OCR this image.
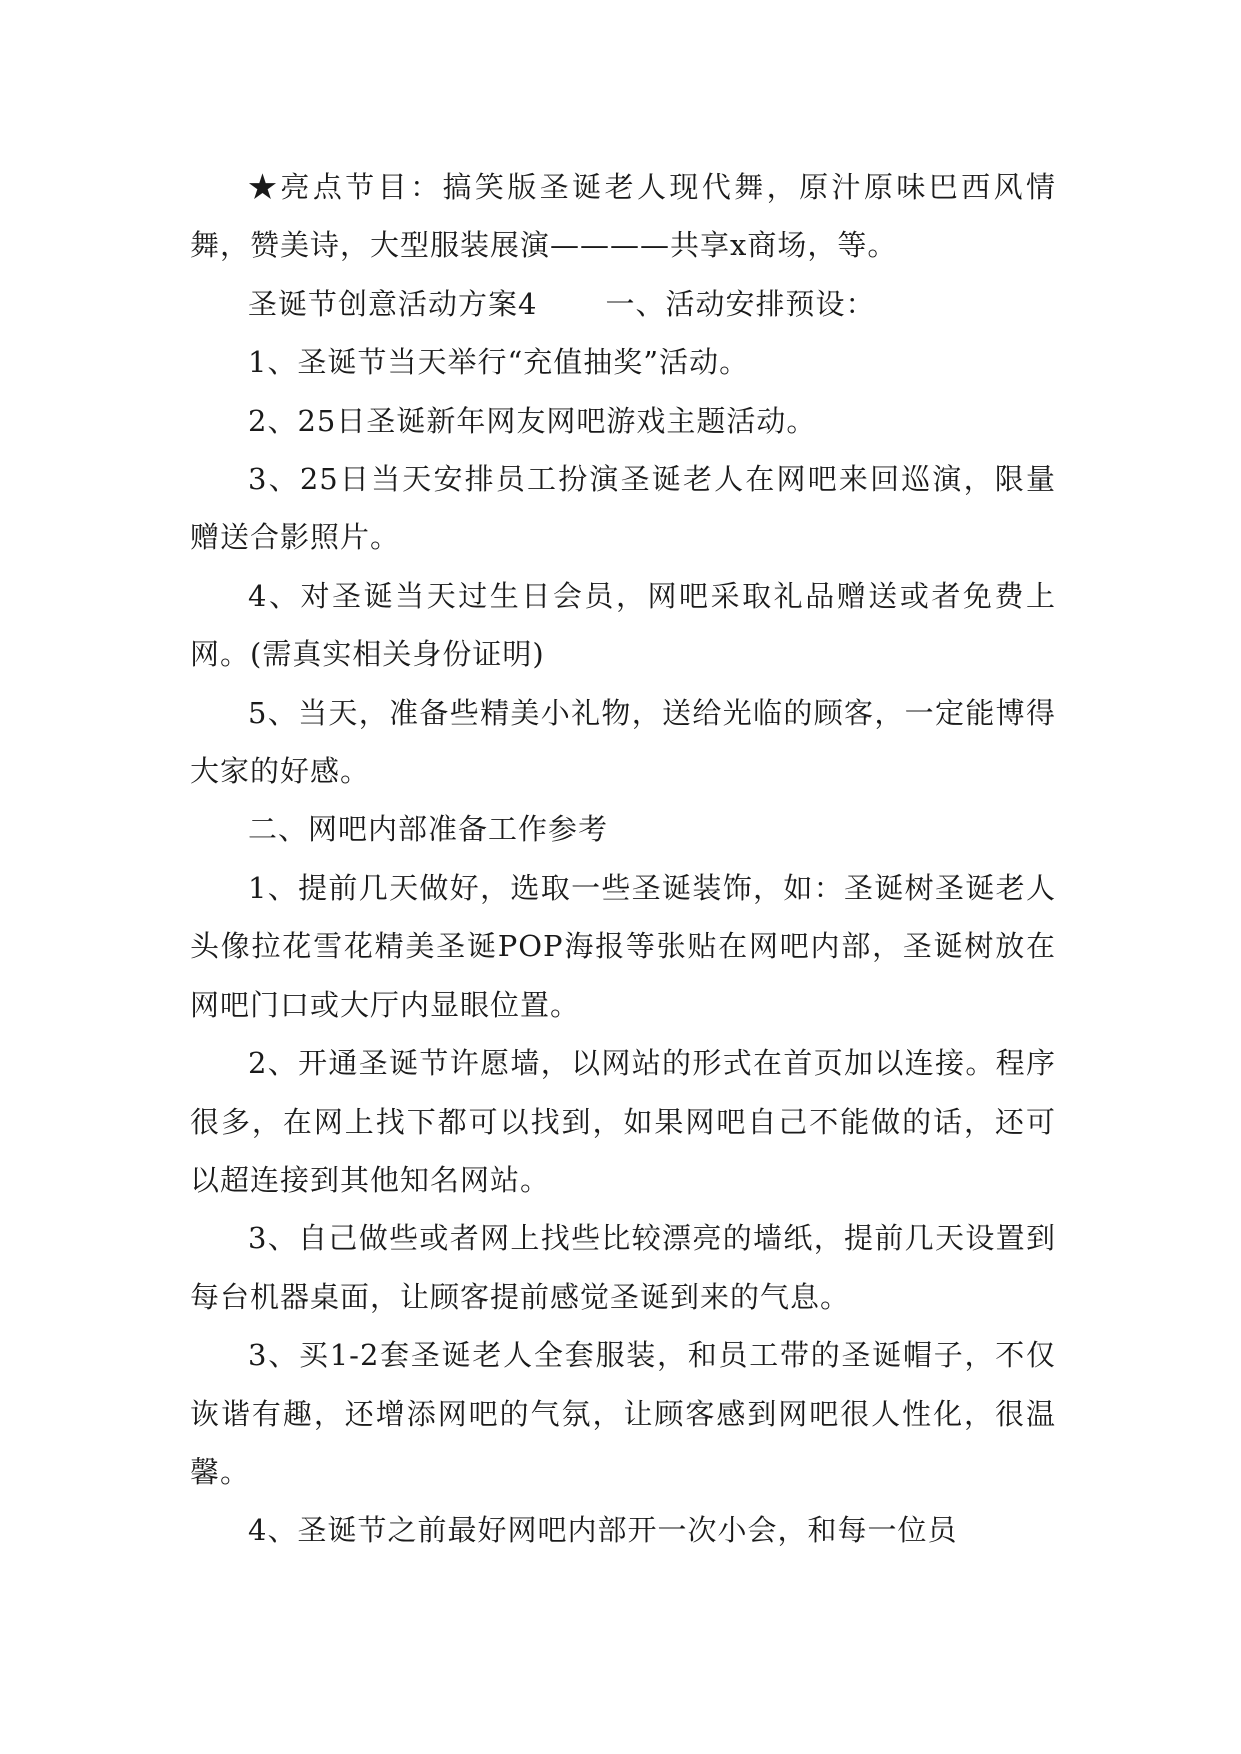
★亮点节目：搞笑版圣诞老人现代舞，原汁原味巴西风情舞，赞美诗，大型服装展演————共享x商场，等。

圣诞节创意活动方案4 一、活动安排预设：

1、圣诞节当天举行“充值抽奖”活动。

2、25日圣诞新年网友网吧游戏主题活动。

3、25日当天安排员工扮演圣诞老人在网吧来回巡演，限量赠送合影照片。

4、对圣诞当天过生日会员，网吧采取礼品赠送或者免费上网。(需真实相关身份证明)

5、当天，准备些精美小礼物，送给光临的顾客，一定能博得大家的好感。

二、网吧内部准备工作参考

1、提前几天做好，选取一些圣诞装饰，如：圣诞树圣诞老人头像拉花雪花精美圣诞POP海报等张贴在网吧内部，圣诞树放在网吧门口或大厅内显眼位置。

2、开通圣诞节许愿墙，以网站的形式在首页加以连接。程序很多，在网上找下都可以找到，如果网吧自己不能做的话，还可以超连接到其他知名网站。

3、自己做些或者网上找些比较漂亮的墙纸，提前几天设置到每台机器桌面，让顾客提前感觉圣诞到来的气息。

3、买1-2套圣诞老人全套服装，和员工带的圣诞帽子，不仅诙谐有趣，还增添网吧的气氛，让顾客感到网吧很人性化，很温馨。

4、圣诞节之前最好网吧内部开一次小会，和每一位员
